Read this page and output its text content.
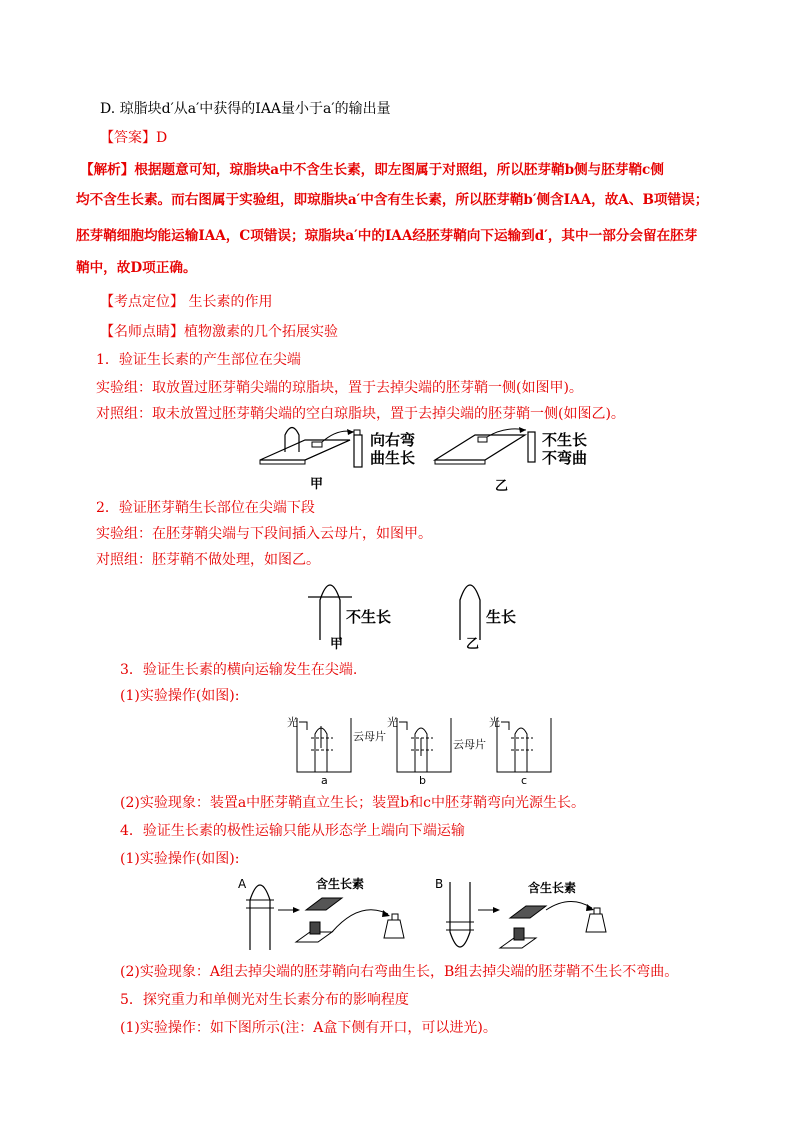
D. 琼脂块d′从a′中获得的IAA量小于a′的输出量
【答案】D
【解析】根据题意可知，琼脂块a中不含生长素，即左图属于对照组，所以胚芽鞘b侧与胚芽鞘c侧
均不含生长素。而右图属于实验组，即琼脂块a′中含有生长素，所以胚芽鞘b′侧含IAA，故A、B项错误；
胚芽鞘细胞均能运输IAA，C项错误；琼脂块a′中的IAA经胚芽鞘向下运输到d′，其中一部分会留在胚芽
鞘中，故D项正确。
【考点定位】 生长素的作用
【名师点睛】植物激素的几个拓展实验
1．验证生长素的产生部位在尖端
实验组：取放置过胚芽鞘尖端的琼脂块，置于去掉尖端的胚芽鞘一侧(如图甲)。
对照组：取未放置过胚芽鞘尖端的空白琼脂块，置于去掉尖端的胚芽鞘一侧(如图乙)。
向右弯
曲生长
不生长
不弯曲
甲	乙
2．验证胚芽鞘生长部位在尖端下段
实验组：在胚芽鞘尖端与下段间插入云母片，如图甲。
对照组：胚芽鞘不做处理，如图乙。
不生长
甲
生长
乙
3．验证生长素的横向运输发生在尖端.
(1)实验操作(如图):
光
云母片
a
光
云母片
b
光
c
(2)实验现象：装置a中胚芽鞘直立生长；装置b和c中胚芽鞘弯向光源生长。
4．验证生长素的极性运输只能从形态学上端向下端运输
(1)实验操作(如图):
A	含生长素	B	含生长素
(2)实验现象：A组去掉尖端的胚芽鞘向右弯曲生长，B组去掉尖端的胚芽鞘不生长不弯曲。
5．探究重力和单侧光对生长素分布的影响程度
(1)实验操作：如下图所示(注：A盒下侧有开口，可以进光)。
